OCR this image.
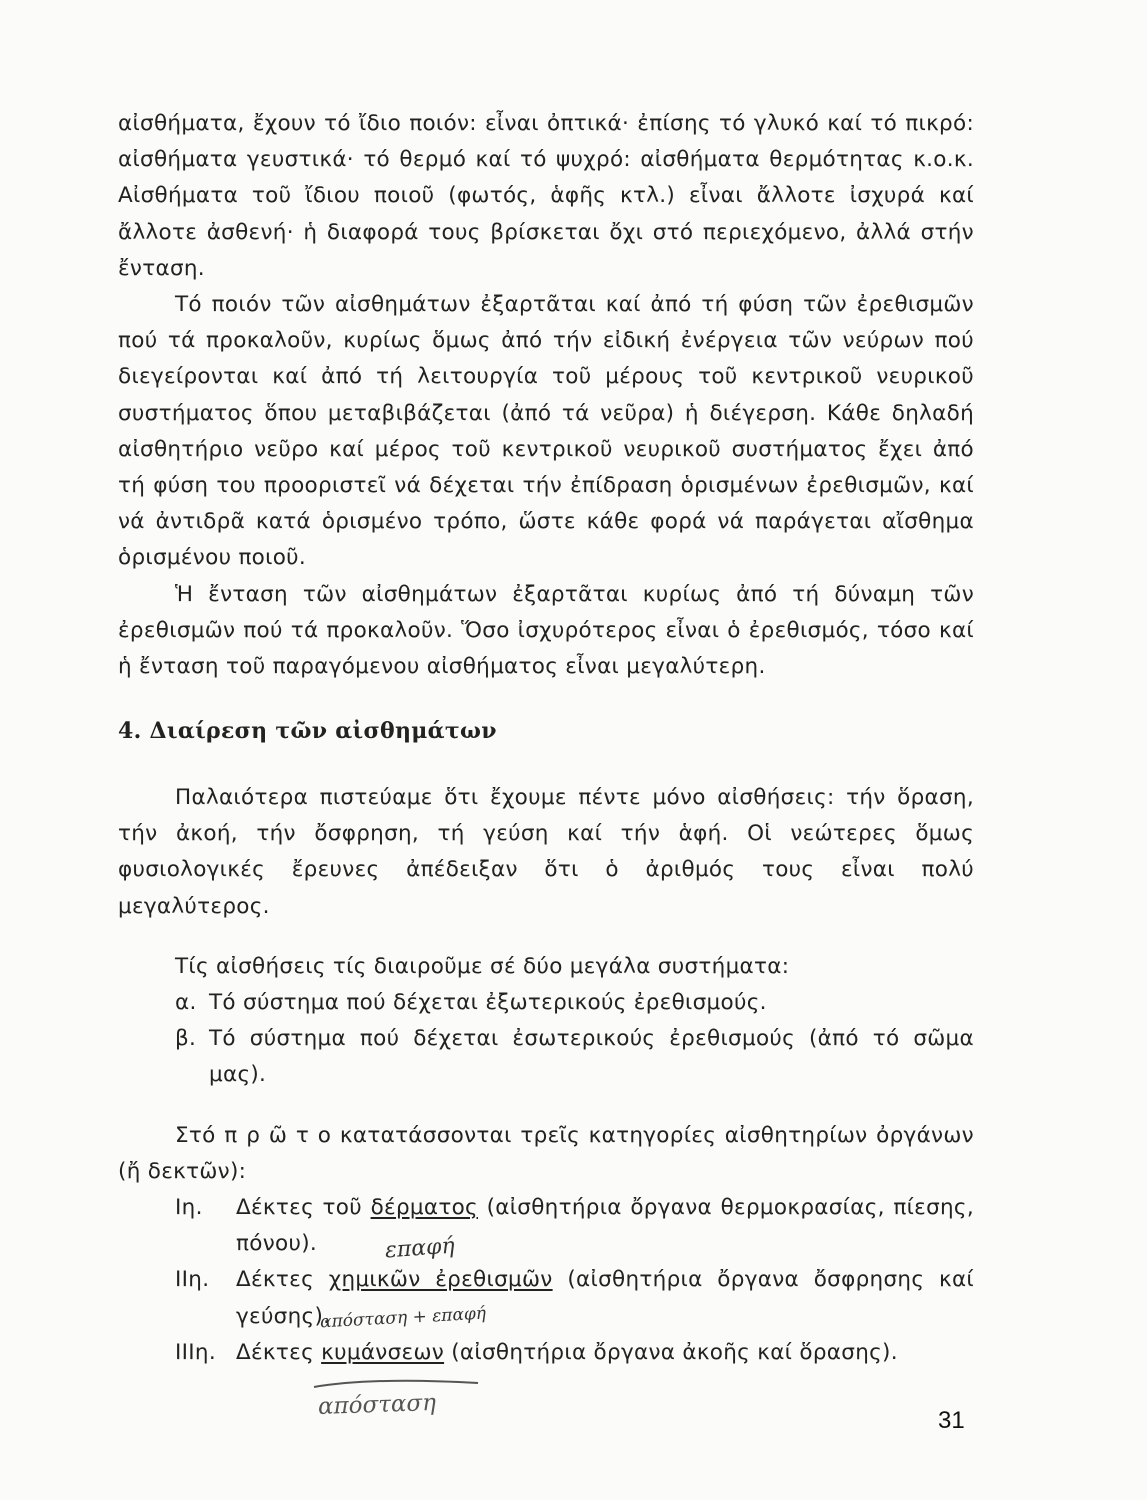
αἰσθήματα, ἔχουν τό ἴδιο ποιόν: εἶναι ὀπτικά· ἐπίσης τό γλυκό καί τό πικρό: αἰσθήματα γευστικά· τό θερμό καί τό ψυχρό: αἰσθήματα θερμότητας κ.ο.κ. Αἰσθήματα τοῦ ἴδιου ποιοῦ (φωτός, ἁφῆς κτλ.) εἶναι ἄλλοτε ἰσχυρά καί ἄλλοτε ἀσθενή· ἡ διαφορά τους βρίσκεται ὄχι στό περιεχόμενο, ἀλλά στήν ἔνταση.

Τό ποιόν τῶν αἰσθημάτων ἐξαρτᾶται καί ἀπό τή φύση τῶν ἐρεθισμῶν πού τά προκαλοῦν, κυρίως ὅμως ἀπό τήν εἰδική ἐνέργεια τῶν νεύρων πού διεγείρονται καί ἀπό τή λειτουργία τοῦ μέρους τοῦ κεντρικοῦ νευρικοῦ συστήματος ὅπου μεταβιβάζεται (ἀπό τά νεῦρα) ἡ διέγερση. Κάθε δηλαδή αἰσθητήριο νεῦρο καί μέρος τοῦ κεντρικοῦ νευρικοῦ συστήματος ἔχει ἀπό τή φύση του προοριστεῖ νά δέχεται τήν ἐπίδραση ὁρισμένων ἐρεθισμῶν, καί νά ἀντιδρᾶ κατά ὁρισμένο τρόπο, ὥστε κάθε φορά νά παράγεται αἴσθημα ὁρισμένου ποιοῦ.

Ἡ ἔνταση τῶν αἰσθημάτων ἐξαρτᾶται κυρίως ἀπό τή δύναμη τῶν ἐρεθισμῶν πού τά προκαλοῦν. Ὅσο ἰσχυρότερος εἶναι ὁ ἐρεθισμός, τόσο καί ἡ ἔνταση τοῦ παραγόμενου αἰσθήματος εἶναι μεγαλύτερη.

4. Διαίρεση τῶν αἰσθημάτων

Παλαιότερα πιστεύαμε ὅτι ἔχουμε πέντε μόνο αἰσθήσεις: τήν ὅραση, τήν ἀκοή, τήν ὄσφρηση, τή γεύση καί τήν ἁφή. Οἱ νεώτερες ὅμως φυσιολογικές ἔρευνες ἀπέδειξαν ὅτι ὁ ἀριθμός τους εἶναι πολύ μεγαλύτερος.

Τίς αἰσθήσεις τίς διαιροῦμε σέ δύο μεγάλα συστήματα:

α. Τό σύστημα πού δέχεται ἐξωτερικούς ἐρεθισμούς.
β. Τό σύστημα πού δέχεται ἐσωτερικούς ἐρεθισμούς (ἀπό τό σῶμα μας).

Στό π ρ ῶ τ ο κατατάσσονται τρεῖς κατηγορίες αἰσθητηρίων ὀργάνων (ἤ δεκτῶν):

Ιη. Δέκτες τοῦ δέρματος (αἰσθητήρια ὄργανα θερμοκρασίας, πίεσης, πόνου).
ΙΙη. Δέκτες χημικῶν ἐρεθισμῶν (αἰσθητήρια ὄργανα ὄσφρησης καί γεύσης).
ΙΙΙη. Δέκτες κυμάνσεων (αἰσθητήρια ὄργανα ἀκοῆς καί ὅρασης).
επαφή
απόσταση + επαφή
απόσταση
31
